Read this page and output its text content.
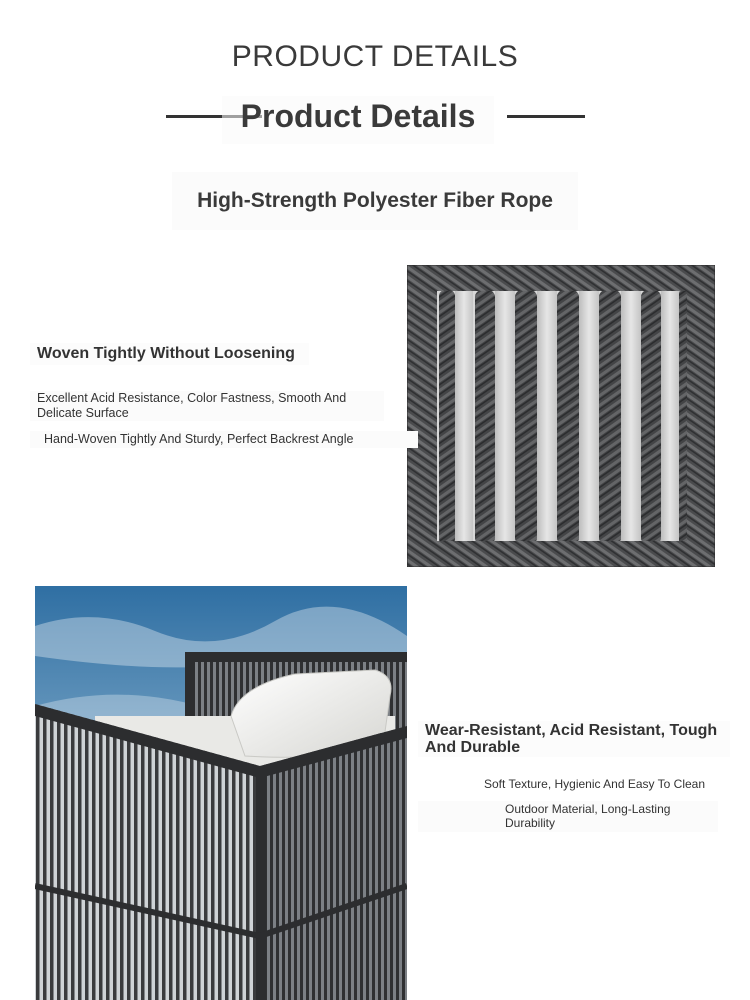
PRODUCT DETAILS
Product Details
High-Strength Polyester Fiber Rope
Woven Tightly Without Loosening
Excellent Acid Resistance, Color Fastness, Smooth And Delicate Surface
Hand-Woven Tightly And Sturdy, Perfect Backrest Angle
Wear-Resistant, Acid Resistant, Tough And Durable
Soft Texture, Hygienic And Easy To Clean
Outdoor Material, Long-Lasting Durability
